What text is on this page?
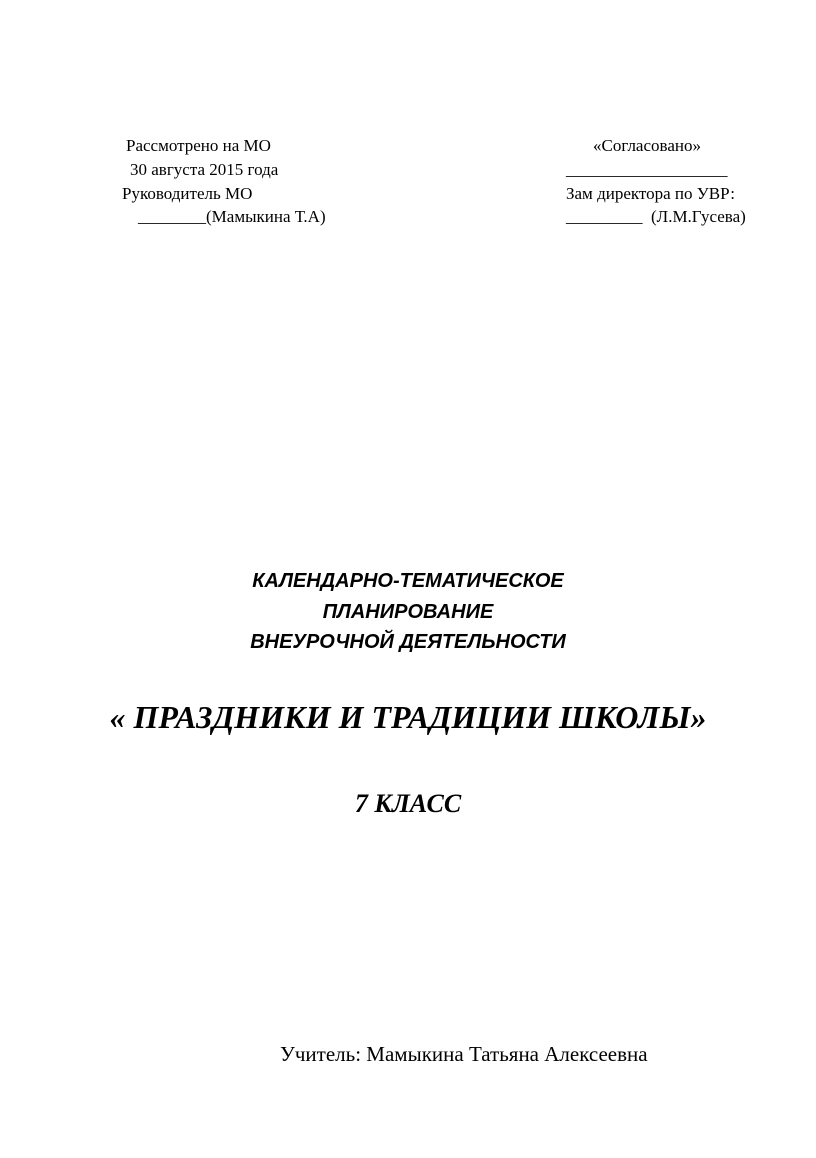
Рассмотрено на МО
30 августа 2015 года
Руководитель МО
________(Мамыкина Т.А)
«Согласовано»
___________________
Зам директора по УВР:
_________  (Л.М.Гусева)
КАЛЕНДАРНО-ТЕМАТИЧЕСКОЕ
ПЛАНИРОВАНИЕ
ВНЕУРОЧНОЙ ДЕЯТЕЛЬНОСТИ
« ПРАЗДНИКИ И ТРАДИЦИИ ШКОЛЫ»
7 КЛАСС
Учитель: Мамыкина Татьяна Алексеевна
